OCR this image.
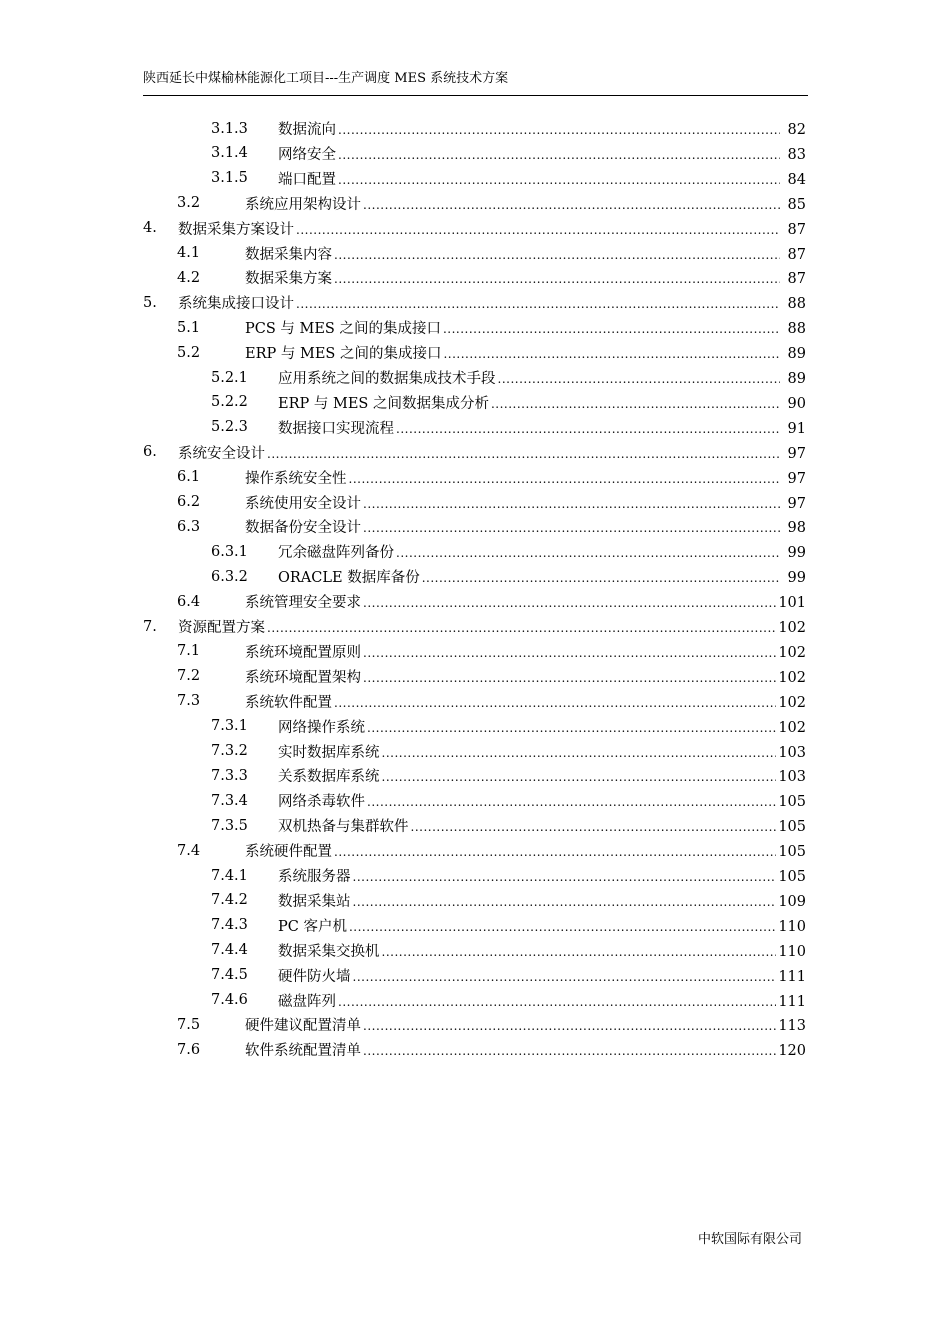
陕西延长中煤榆林能源化工项目---生产调度 MES 系统技术方案
3.1.3 数据流向 .....	82
3.1.4 网络安全 .....	83
3.1.5 端口配置 .....	84
3.2	系统应用架构设计 .....	85
4. 数据采集方案设计 .....	87
4.1	数据采集内容 .....	87
4.2	数据采集方案 .....	87
5. 系统集成接口设计 .....	88
5.1	PCS 与 MES 之间的集成接口 .....	88
5.2	ERP 与 MES 之间的集成接口 .....	89
5.2.1 应用系统之间的数据集成技术手段 .....	89
5.2.2 ERP 与 MES 之间数据集成分析 .....	90
5.2.3 数据接口实现流程 .....	91
6. 系统安全设计 .....	97
6.1	操作系统安全性 .....	97
6.2	系统使用安全设计 .....	97
6.3	数据备份安全设计 .....	98
6.3.1 冗余磁盘阵列备份 .....	99
6.3.2 ORACLE 数据库备份 .....	99
6.4	系统管理安全要求 .....	101
7. 资源配置方案 .....	102
7.1	系统环境配置原则 .....	102
7.2	系统环境配置架构 .....	102
7.3	系统软件配置 .....	102
7.3.1 网络操作系统 .....	102
7.3.2 实时数据库系统 .....	103
7.3.3 关系数据库系统 .....	103
7.3.4 网络杀毒软件 .....	105
7.3.5 双机热备与集群软件 .....	105
7.4	系统硬件配置 .....	105
7.4.1 系统服务器 .....	105
7.4.2 数据采集站 .....	109
7.4.3 PC 客户机 .....	110
7.4.4 数据采集交换机 .....	110
7.4.5 硬件防火墙 .....	111
7.4.6 磁盘阵列 .....	111
7.5	硬件建议配置清单 .....	113
7.6	软件系统配置清单 .....	120
中软国际有限公司
